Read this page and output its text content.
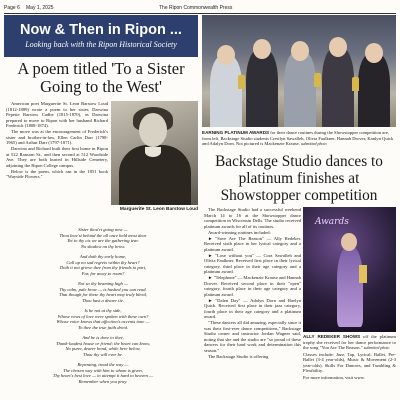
Page 6 May 1, 2025	The Ripon Commonwealth Press
Now & Then in Ripon ...
Looking back with the Ripon Historical Society
A poem titled 'To a Sister Going to the West'

American poet Marguerite St. Leon Barstow Loud (1812-1889) wrote a poem to her sister, Darwina Pepette Barstow Cadbe (1815-1870), as Darwina prepared to move to Ripon with her husband Richard Frederick (1808-1874).

The move was at the encouragement of Frederick's sister and brother-in-law, Ellen Carlin Darr (1798-1965) and Arthur Darr (1797-1871).

Darwina and Richard built their first home in Ripon at 522 Ransom St., and then second at 512 Woodside Ave. They are both buried in Hillside Cemetery, adjoining the Ripon College campus.

Below is the poem, which ran in the 1851 book "Wayside Flowers."

Marguerite St. Leon Barstow Loud
Sister thou'rt going now —
Thou leav'st behind the all once held most dear
Yet to thy cis we are the gathering tear.
No shadow on thy brow.
And doth thy early home,
Call up no sad regrets within thy heart?
Doth it not grieve thee from thy friends to part,
Far, far away to roam?
Not so thy beaming high —
Thy calm, pale brow — is hushed you can read.
That though for these thy heart may truly bleed,
Thou hast a dearer tie.
Is he not at thy side,
Whose vows of love were spoken with these own?
Whose voice knows that affection's accents tone —
To thee the true faith dried.
And he is dove to thee,
Thank-laudest house or friend; the heart can know,
No purer, dearer bond, while here below,
Thou thy will ever be.
Repenting, tread the way —
The chosen way with him to whom is given,
Thy heart's best love — to attempt it hard to heaven —
Remember when you pray.
EARNING PLATINUM AWARDS for their dance routines during the Showstopper competition are, from left, Backstage Studio students Cresilyn Sawalleh, Olivia Faulkner, Hannah Drover, Kanlyn Quick and Adalyn Dorn. Not pictured is Mackenzie Krause. submitted photo
Backstage Studio dances to platinum finishes at Showstopper competition

The Backstage Studio had a successful weekend March 14 to 16 at the Showstopper dance competition in Wisconsin Dells. The studio received platinum awards for all of its routines.

Award-winning routines included:

► "Save Are The Reason" — Ally Redeker. Received sixth place in her lyrical category and a platinum award.

► "Lose without you" — Cora Sawalleh and Olivia Faulkner. Received first place in their lyrical category, third place in their age category and a platinum award.

► "Telephone" — Mackenzie Krause and Hannah Drover. Received second place in their "open" category, fourth place in their age category and a platinum award.

► "Dalen Day" — Adalyn Dorn and Raelyn Quick. Received first place in their jazz category, fourth place in their age category and a platinum award.

"These dancers all did amazing, especially since it was their first-ever dance competitions," Backstage Studio owner and instructor Jordan Wagner said, noting that she and the studio are "so proud of these dancers for their hard work and determination this season."

The Backstage Studio is offering

Awards

ALLY REDEKER SHOWS off the platinum trophy she received for her dance performance to the song "You Are The Reason." submitted photo

Classes include: Jazz, Tap, Lyrical, Ballet, Pre-Ballet (3-4 year-olds), Music & Movement (2-3 year-olds), Skills For Dancers, and Tumbling & Flexibility.

For more information, visit www.
